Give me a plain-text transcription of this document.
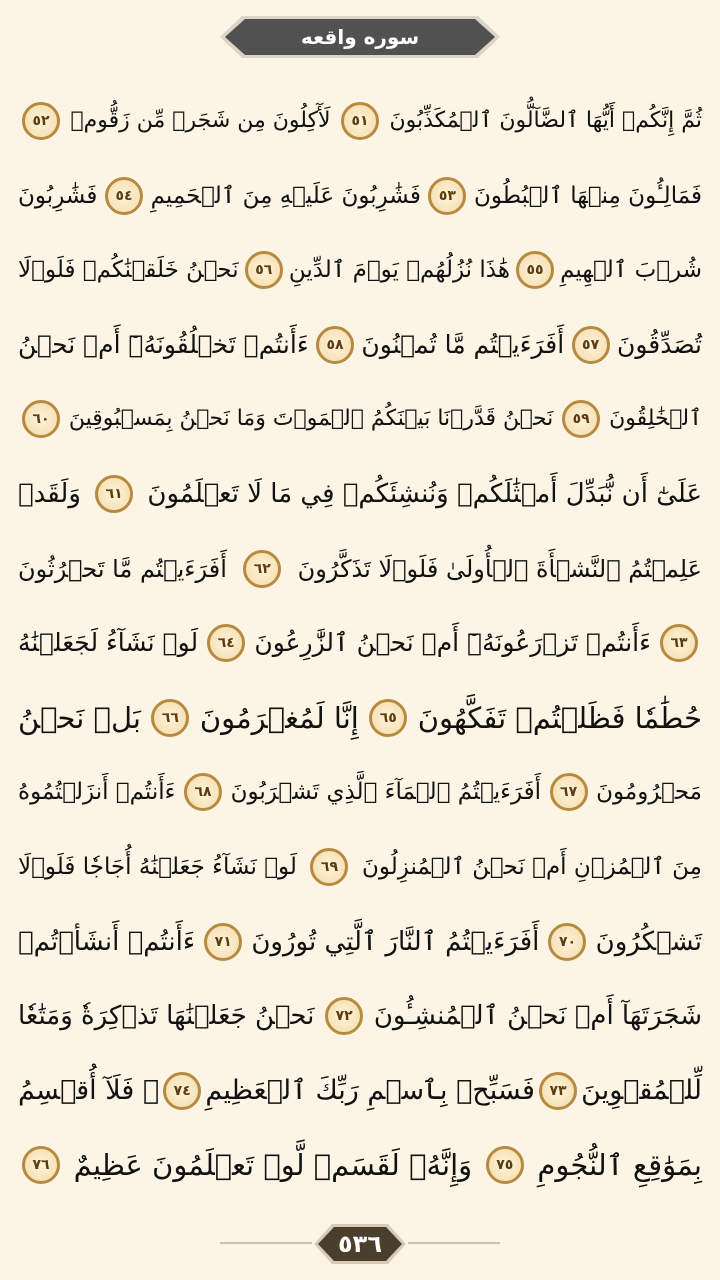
سوره واقعه
ثُمَّ إِنَّكُمۡ أَيُّهَا ٱلضَّآلُّونَ ٱلۡمُكَذِّبُونَ
٥١
لَأٓكِلُونَ مِن شَجَرٖ مِّن زَقُّومٖ
٥٢
فَمَالِـُٔونَ مِنۡهَا ٱلۡبُطُونَ
٥٣
فَشَٰرِبُونَ عَلَيۡهِ مِنَ ٱلۡحَمِيمِ
٥٤
فَشَٰرِبُونَ
شُرۡبَ ٱلۡهِيمِ
٥٥
هَٰذَا نُزُلُهُمۡ يَوۡمَ ٱلدِّينِ
٥٦
نَحۡنُ خَلَقۡنَٰكُمۡ فَلَوۡلَا
تُصَدِّقُونَ
٥٧
أَفَرَءَيۡتُم مَّا تُمۡنُونَ
٥٨
ءَأَنتُمۡ تَخۡلُقُونَهُۥٓ أَمۡ نَحۡنُ
ٱلۡخَٰلِقُونَ
٥٩
نَحۡنُ قَدَّرۡنَا بَيۡنَكُمُ ٱلۡمَوۡتَ وَمَا نَحۡنُ بِمَسۡبُوقِينَ
٦٠
عَلَىٰٓ أَن نُّبَدِّلَ أَمۡثَٰلَكُمۡ وَنُنشِئَكُمۡ فِي مَا لَا تَعۡلَمُونَ
٦١
وَلَقَدۡ
عَلِمۡتُمُ ٱلنَّشۡأَةَ ٱلۡأُولَىٰ فَلَوۡلَا تَذَكَّرُونَ
٦٢
أَفَرَءَيۡتُم مَّا تَحۡرُثُونَ
٦٣
ءَأَنتُمۡ تَزۡرَعُونَهُۥٓ أَمۡ نَحۡنُ ٱلزَّٰرِعُونَ
٦٤
لَوۡ نَشَآءُ لَجَعَلۡنَٰهُ
حُطَٰمٗا فَظَلۡتُمۡ تَفَكَّهُونَ
٦٥
إِنَّا لَمُغۡرَمُونَ
٦٦
بَلۡ نَحۡنُ
مَحۡرُومُونَ
٦٧
أَفَرَءَيۡتُمُ ٱلۡمَآءَ ٱلَّذِي تَشۡرَبُونَ
٦٨
ءَأَنتُمۡ أَنزَلۡتُمُوهُ
مِنَ ٱلۡمُزۡنِ أَمۡ نَحۡنُ ٱلۡمُنزِلُونَ
٦٩
لَوۡ نَشَآءُ جَعَلۡنَٰهُ أُجَاجٗا فَلَوۡلَا
تَشۡكُرُونَ
٧٠
أَفَرَءَيۡتُمُ ٱلنَّارَ ٱلَّتِي تُورُونَ
٧١
ءَأَنتُمۡ أَنشَأۡتُمۡ
شَجَرَتَهَآ أَمۡ نَحۡنُ ٱلۡمُنشِـُٔونَ
٧٢
نَحۡنُ جَعَلۡنَٰهَا تَذۡكِرَةٗ وَمَتَٰعٗا
لِّلۡمُقۡوِينَ
٧٣
فَسَبِّحۡ بِٱسۡمِ رَبِّكَ ٱلۡعَظِيمِ
٧٤
۞ فَلَآ أُقۡسِمُ
بِمَوَٰقِعِ ٱلنُّجُومِ
٧٥
وَإِنَّهُۥ لَقَسَمٞ لَّوۡ تَعۡلَمُونَ عَظِيمٌ
٧٦
٥٣٦
